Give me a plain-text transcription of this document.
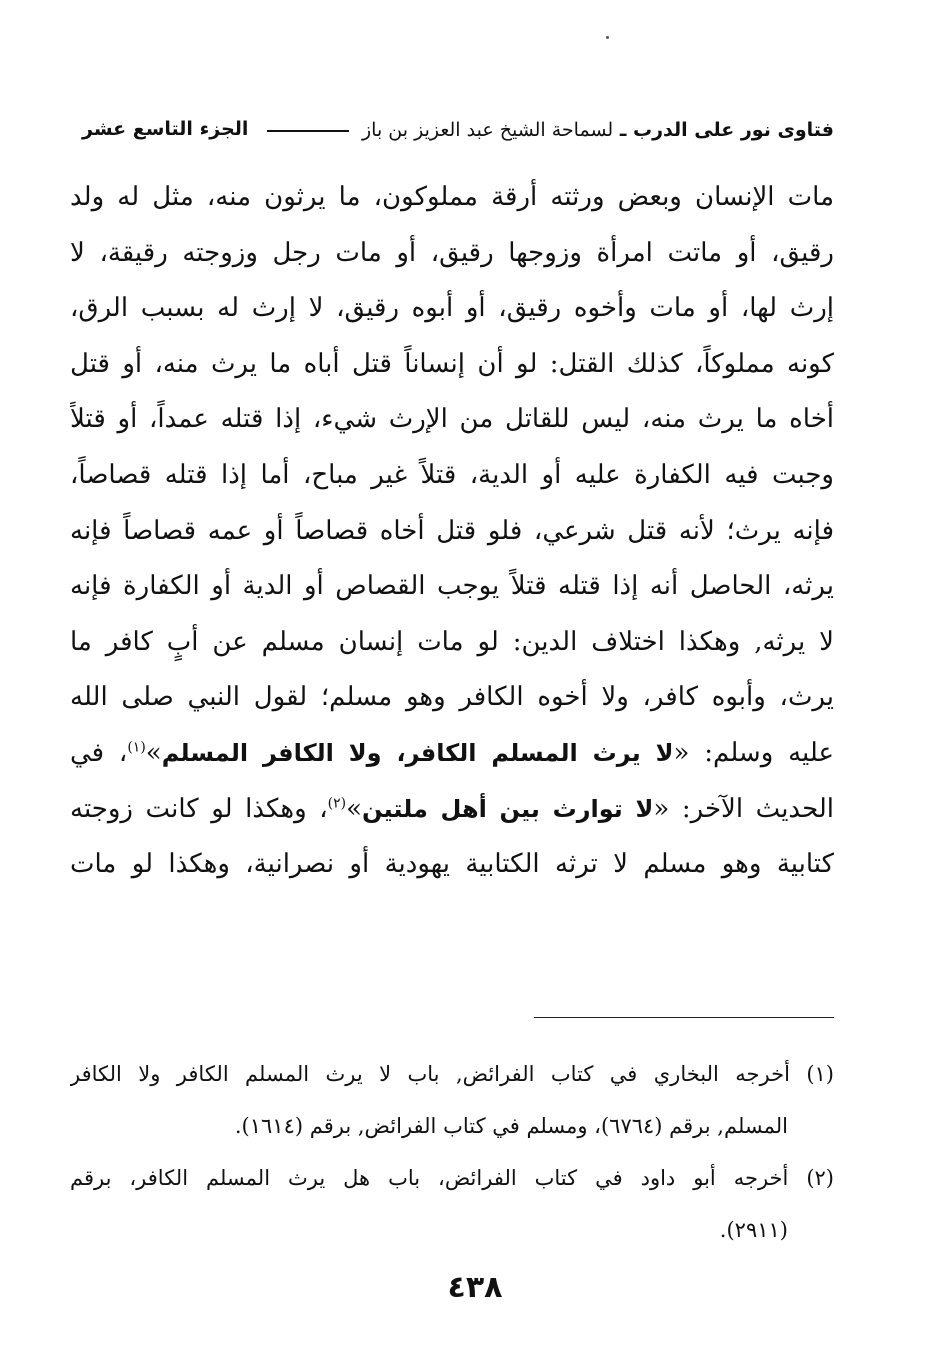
فتاوى نور على الدرب ـ لسماحة الشيخ عبد العزيز بن باز
الجزء التاسع عشر
مات الإنسان وبعض ورثته أرقة مملوكون، ما يرثون منه، مثل له ولد
رقيق، أو ماتت امرأة وزوجها رقيق، أو مات رجل وزوجته رقيقة، لا
إرث لها، أو مات وأخوه رقيق، أو أبوه رقيق، لا إرث له بسبب الرق،
كونه مملوكاً، كذلك القتل: لو أن إنساناً قتل أباه ما يرث منه، أو قتل
أخاه ما يرث منه، ليس للقاتل من الإرث شيء، إذا قتله عمداً، أو قتلاً
وجبت فيه الكفارة عليه أو الدية، قتلاً غير مباح، أما إذا قتله قصاصاً،
فإنه يرث؛ لأنه قتل شرعي، فلو قتل أخاه قصاصاً أو عمه قصاصاً فإنه
يرثه، الحاصل أنه إذا قتله قتلاً يوجب القصاص أو الدية أو الكفارة فإنه
لا يرثه, وهكذا اختلاف الدين: لو مات إنسان مسلم عن أبٍ كافر ما
يرث، وأبوه كافر، ولا أخوه الكافر وهو مسلم؛ لقول النبي صلى الله
عليه وسلم: «لا يرث المسلم الكافر، ولا الكافر المسلم»$^{(١)}$، في
الحديث الآخر: «لا توارث بين أهل ملتين»$^{(٢)}$، وهكذا لو كانت زوجته
كتابية وهو مسلم لا ترثه الكتابية يهودية أو نصرانية، وهكذا لو مات
(١) أخرجه البخاري في كتاب الفرائض, باب لا يرث المسلم الكافر ولا الكافر
المسلم, برقم (٦٧٦٤)، ومسلم في كتاب الفرائض, برقم (١٦١٤).
(٢) أخرجه أبو داود في كتاب الفرائض، باب هل يرث المسلم الكافر، برقم
(٢٩١١).
٤٣٨
